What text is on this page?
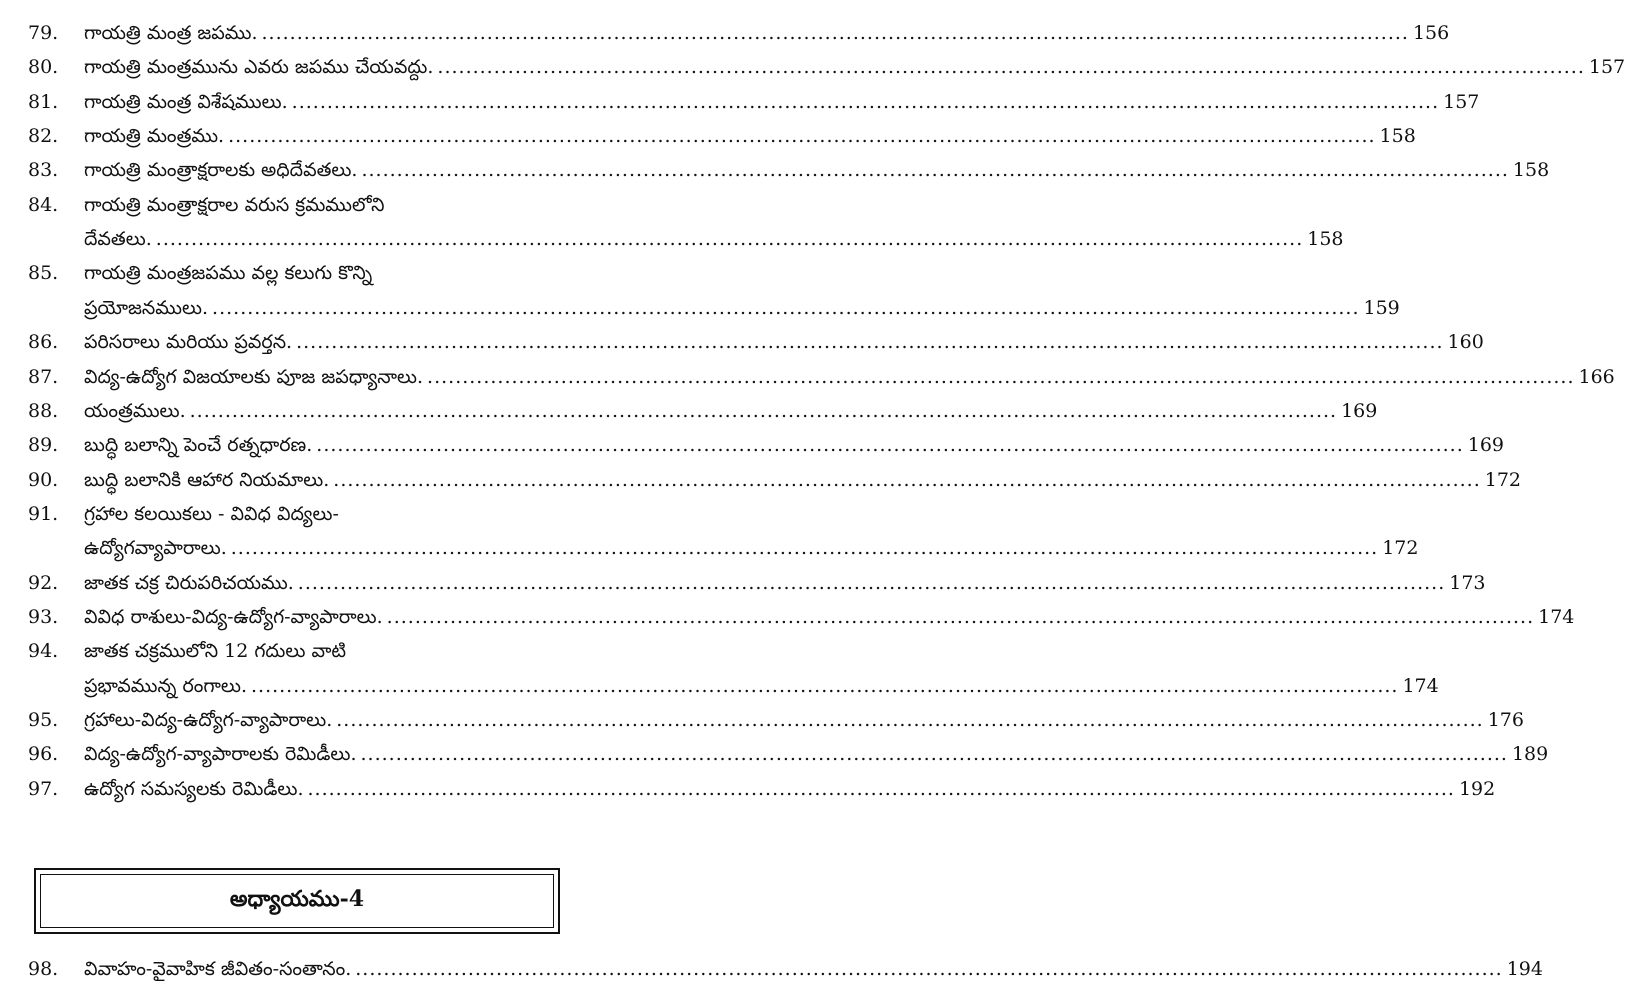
79.	గాయత్రి మంత్ర జపము. .....	156
80.	గాయత్రి మంత్రమును ఎవరు జపము చేయవద్దు. .....	157
81.	గాయత్రి మంత్ర విశేషములు. .....	157
82.	గాయత్రి మంత్రము. .....	158
83.	గాయత్రి మంత్రాక్షరాలకు అధిదేవతలు. .....	158
84.	గాయత్రి మంత్రాక్షరాల వరుస క్రమములోని
దేవతలు. .....	158
85.	గాయత్రి మంత్రజపము వల్ల కలుగు కొన్ని
ప్రయోజనములు. .....	159
86.	పరిసరాలు మరియు ప్రవర్తన. .....	160
87.	విద్య-ఉద్యోగ విజయాలకు పూజ జపధ్యానాలు. .....	166
88.	యంత్రములు. .....	169
89.	బుద్ధి బలాన్ని పెంచే రత్నధారణ. .....	169
90.	బుద్ధి బలానికి ఆహార నియమాలు. .....	172
91.	గ్రహాల కలయికలు - వివిధ విద్యలు-
ఉద్యోగవ్యాపారాలు. .....	172
92.	జాతక చక్ర చిరుపరిచయము. .....	173
93.	వివిధ రాశులు-విద్య-ఉద్యోగ-వ్యాపారాలు. .....	174
94.	జాతక చక్రములోని 12 గదులు వాటి
ప్రభావమున్న రంగాలు. .....	174
95.	గ్రహాలు-విద్య-ఉద్యోగ-వ్యాపారాలు. .....	176
96.	విద్య-ఉద్యోగ-వ్యాపారాలకు రెమిడీలు. .....	189
97.	ఉద్యోగ సమస్యలకు రెమిడీలు. .....	192
అధ్యాయము-4
98.	వివాహం-వైవాహిక జీవితం-సంతానం. .....	194
